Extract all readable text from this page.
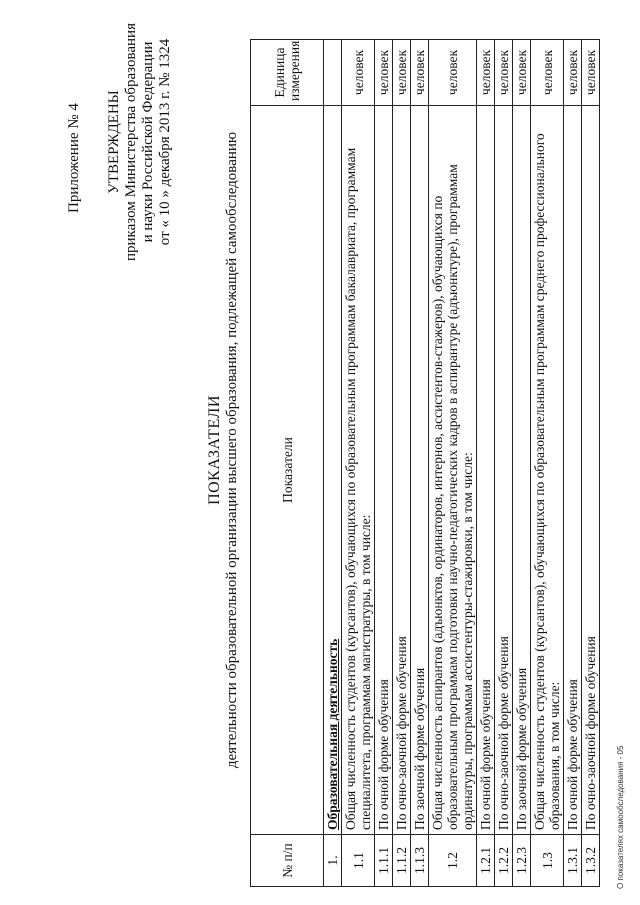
Приложение № 4 УТВЕРЖДЕНЫ приказом Министерства образования и науки Российской Федерации от « 10 » декабря 2013 г. № 1324
ПОКАЗАТЕЛИ деятельности образовательной организации высшего образования, подлежащей самообследованию
№ п/п	Показатели	Единица измерения
1.	Образовательная деятельность	
1.1	Общая численность студентов (курсантов), обучающихся по образовательным программам бакалавриата, программам специалитета, программам магистратуры, в том числе:	человек
1.1.1	По очной форме обучения	человек
1.1.2	По очно-заочной форме обучения	человек
1.1.3	По заочной форме обучения	человек
1.2	Общая численность аспирантов (адъюнктов, ординаторов, интернов, ассистентов-стажеров), обучающихся по образовательным программам подготовки научно-педагогических кадров в аспирантуре (адъюнктуре), программам ординатуры, программам ассистентуры-стажировки, в том числе:	человек
1.2.1	По очной форме обучения	человек
1.2.2	По очно-заочной форме обучения	человек
1.2.3	По заочной форме обучения	человек
1.3	Общая численность студентов (курсантов), обучающихся по образовательным программам среднего профессионального образования, в том числе:	человек
1.3.1	По очной форме обучения	человек
1.3.2	По очно-заочной форме обучения	человек
О показателях самообследования - 05
